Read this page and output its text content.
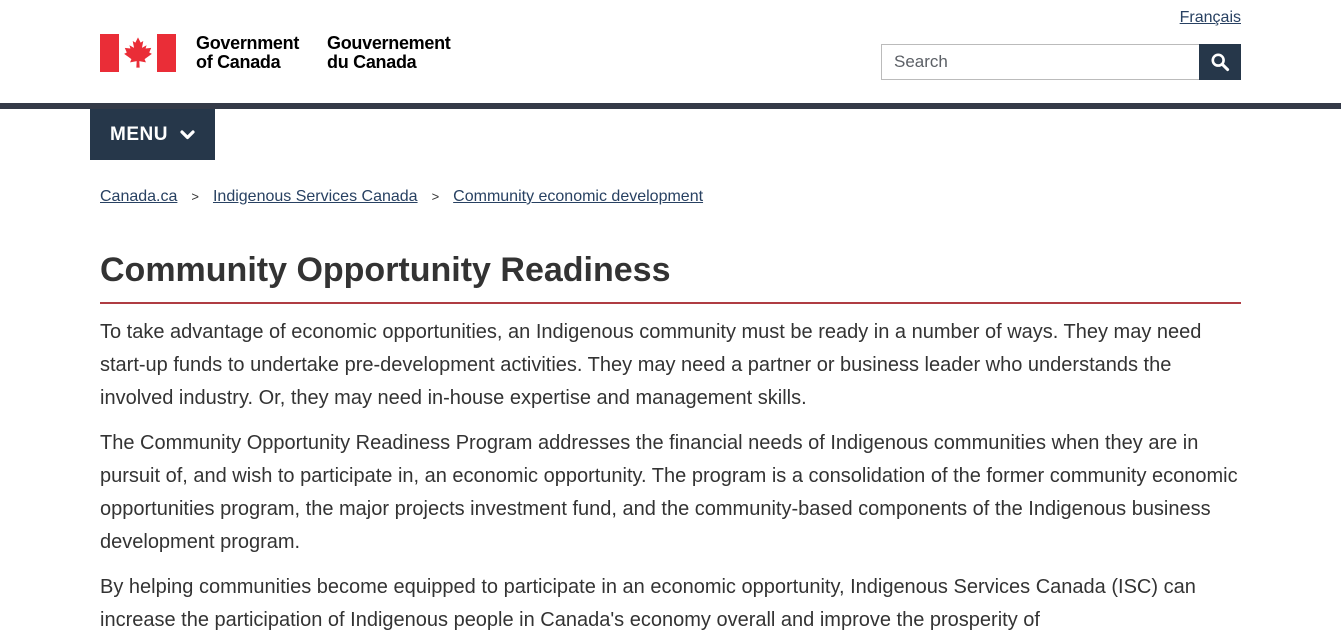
Français
Government
of Canada
Gouvernement
du Canada
Search
MENU
Canada.ca > Indigenous Services Canada > Community economic development
Community Opportunity Readiness

To take advantage of economic opportunities, an Indigenous community must be ready in a number of ways. They may need start-up funds to undertake pre-development activities. They may need a partner or business leader who understands the involved industry. Or, they may need in-house expertise and management skills.

The Community Opportunity Readiness Program addresses the financial needs of Indigenous communities when they are in pursuit of, and wish to participate in, an economic opportunity. The program is a consolidation of the former community economic opportunities program, the major projects investment fund, and the community-based components of the Indigenous business development program.

By helping communities become equipped to participate in an economic opportunity, Indigenous Services Canada (ISC) can increase the participation of Indigenous people in Canada's economy overall and improve the prosperity of
